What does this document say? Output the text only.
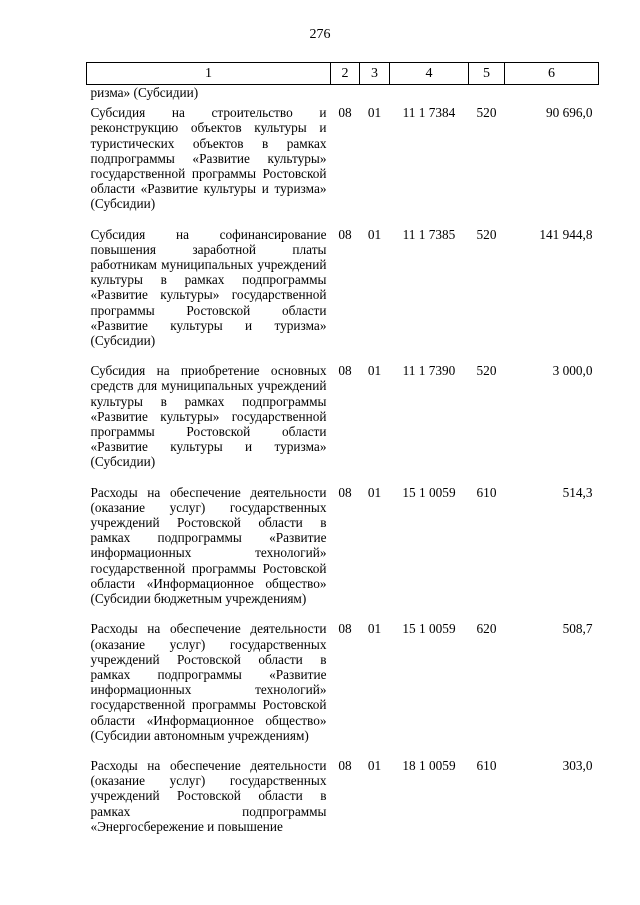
276
1	2	3	4	5	6
ризма» (Субсидии)					
Субсидия на строительство и реконструкцию объектов культуры и туристических объектов в рамках подпрограммы «Развитие культуры» государственной программы Ростовской области «Развитие культуры и туризма» (Субсидии)	08	01	11 1 7384	520	90 696,0
Субсидия на софинансирование повышения заработной платы работникам муниципальных учреждений культуры в рамках подпрограммы «Развитие культуры» государственной программы Ростовской области «Развитие культуры и туризма» (Субсидии)	08	01	11 1 7385	520	141 944,8
Субсидия на приобретение основных средств для муниципальных учреждений культуры в рамках подпрограммы «Развитие культуры» государственной программы Ростовской области «Развитие культуры и туризма» (Субсидии)	08	01	11 1 7390	520	3 000,0
Расходы на обеспечение деятельности (оказание услуг) государственных учреждений Ростовской области в рамках подпрограммы «Развитие информационных технологий» государственной программы Ростовской области «Информационное общество» (Субсидии бюджетным учреждениям)	08	01	15 1 0059	610	514,3
Расходы на обеспечение деятельности (оказание услуг) государственных учреждений Ростовской области в рамках подпрограммы «Развитие информационных технологий» государственной программы Ростовской области «Информационное общество» (Субсидии автономным учреждениям)	08	01	15 1 0059	620	508,7
Расходы на обеспечение деятельности (оказание услуг) государственных учреждений Ростовской области в рамках подпрограммы «Энергосбережение и повышение	08	01	18 1 0059	610	303,0
